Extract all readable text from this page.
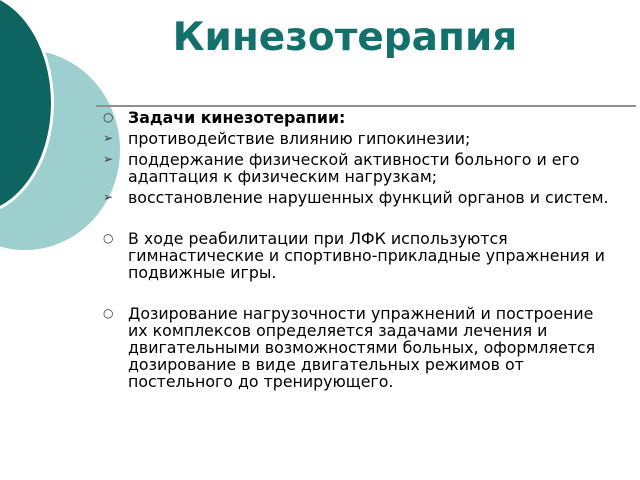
Кинезотерапия
○ Задачи кинезотерапии:
➢ противодействие влиянию гипокинезии;
➢ поддержание физической активности больного и его адаптация к физическим нагрузкам;
➢ восстановление нарушенных функций органов и систем.
○ В ходе реабилитации при ЛФК используются гимнастические и спортивно-прикладные упражнения и подвижные игры.
○ Дозирование нагрузочности упражнений и построение их комплексов определяется задачами лечения и двигательными возможностями больных, оформляется дозирование в виде двигательных режимов от постельного до тренирующего.
